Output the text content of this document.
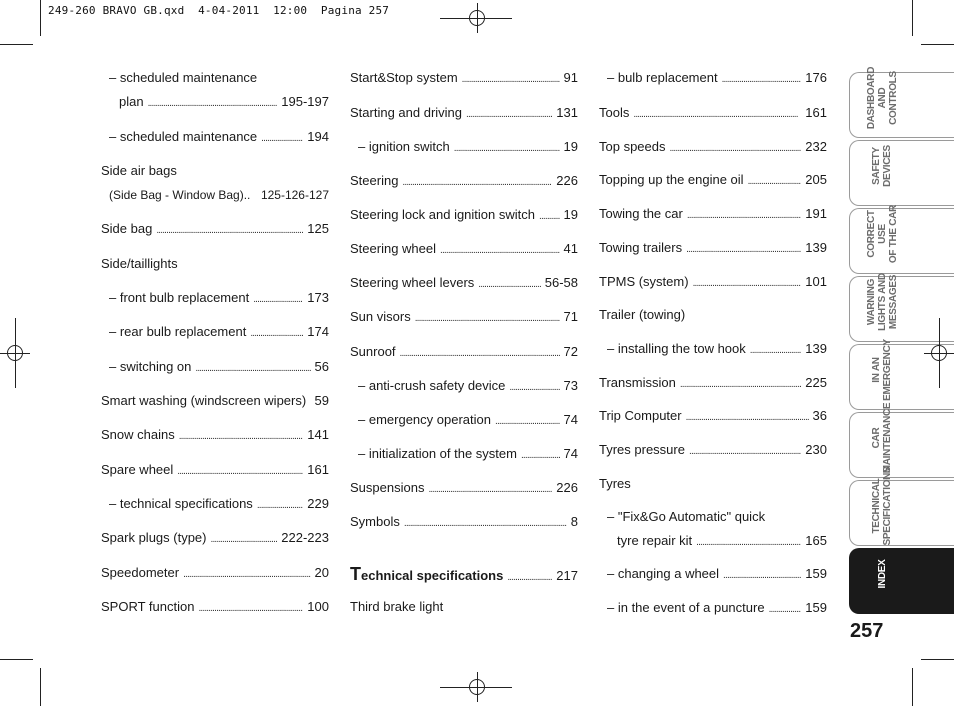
249-260 BRAVO GB.qxd  4-04-2011  12:00  Pagina 257
– scheduled maintenance
plan . . .	195-197
– scheduled maintenance . . .	194
Side air bags
(Side Bag - Window Bag).. 125-126-127
Side bag . . .	125
Side/taillights
– front bulb replacement . . .	173
– rear bulb replacement . . .	174
– switching on . . .	56
Smart washing (windscreen wipers) 59
Snow chains . . .	141
Spare wheel . . .	161
– technical specifications . . .	229
Spark plugs (type) . . .	222-223
Speedometer . . .	20
SPORT function . . .	100
Start&Stop system . . .	91
Starting and driving . . .	131
– ignition switch . . .	19
Steering . . .	226
Steering lock and ignition switch . . . 19
Steering wheel . . .	41
Steering wheel levers . . .	56-58
Sun visors . . .	71
Sunroof . . .	72
– anti-crush safety device . . .	73
– emergency operation . . .	74
– initialization of the system . . .	74
Suspensions . . .	226
Symbols . . .	8
Technical specifications . . .	217
Third brake light
– bulb replacement . . .	176
Tools . . .	161
Top speeds . . .	232
Topping up the engine oil . . .	205
Towing the car . . .	191
Towing trailers . . .	139
TPMS (system) . . .	101
Trailer (towing)
– installing the tow hook . . .	139
Transmission . . .	225
Trip Computer . . .	36
Tyres pressure . . .	230
Tyres
– "Fix&Go Automatic" quick
tyre repair kit . . .	165
– changing a wheel . . .	159
– in the event of a puncture . . .	159
DASHBOARD AND CONTROLS
SAFETY DEVICES
CORRECT USE OF THE CAR
WARNING LIGHTS AND MESSAGES
IN AN EMERGENCY
CAR MAINTENANCE
TECHNICAL SPECIFICATIONS
INDEX
257
